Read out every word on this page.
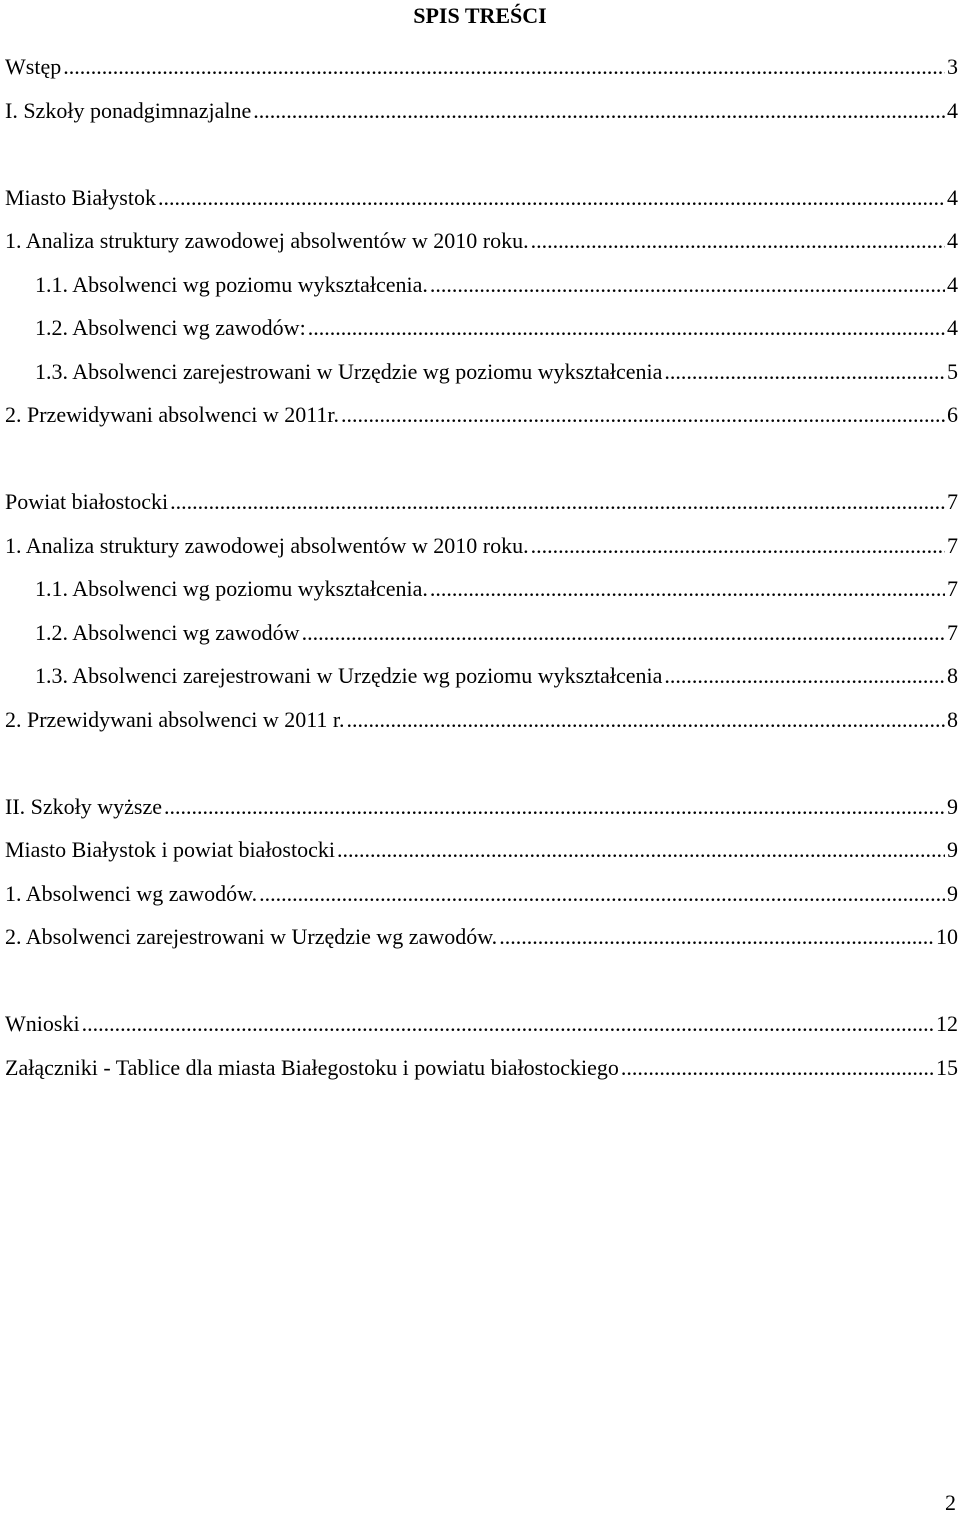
SPIS TREŚCI
Wstęp .....	3
I. Szkoły ponadgimnazjalne .....	4
Miasto Białystok .....	4
1. Analiza struktury zawodowej absolwentów w 2010 roku. .....	4
1.1. Absolwenci wg poziomu wykształcenia. .....	4
1.2. Absolwenci wg zawodów: .....	4
1.3. Absolwenci zarejestrowani w Urzędzie wg poziomu wykształcenia .....	5
2. Przewidywani absolwenci w 2011r. .....	6
Powiat białostocki .....	7
1. Analiza struktury zawodowej absolwentów w 2010 roku. .....	7
1.1. Absolwenci wg poziomu wykształcenia. .....	7
1.2. Absolwenci wg zawodów .....	7
1.3. Absolwenci zarejestrowani w Urzędzie wg poziomu wykształcenia .....	8
2. Przewidywani absolwenci w 2011 r. .....	8
II. Szkoły wyższe .....	9
Miasto Białystok i powiat białostocki .....	9
1. Absolwenci wg zawodów. .....	9
2. Absolwenci zarejestrowani w Urzędzie wg zawodów. .....	10
Wnioski .....	12
Załączniki - Tablice dla miasta Białegostoku i powiatu białostockiego .....	15
2
